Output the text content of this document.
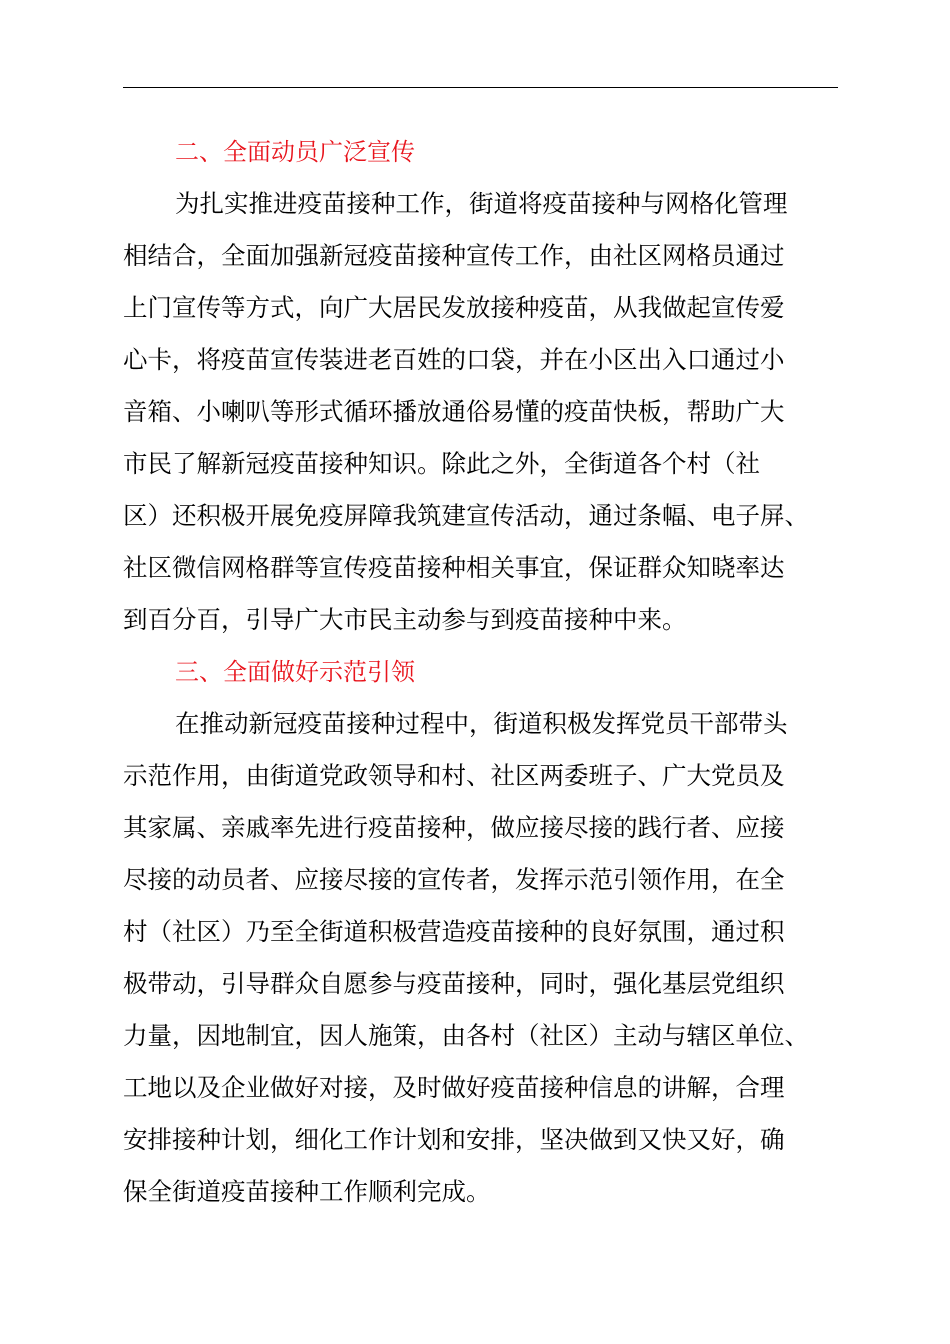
二、全面动员广泛宣传
为扎实推进疫苗接种工作，街道将疫苗接种与网格化管理
相结合，全面加强新冠疫苗接种宣传工作，由社区网格员通过
上门宣传等方式，向广大居民发放接种疫苗，从我做起宣传爱
心卡，将疫苗宣传装进老百姓的口袋，并在小区出入口通过小
音箱、小喇叭等形式循环播放通俗易懂的疫苗快板，帮助广大
市民了解新冠疫苗接种知识。除此之外，全街道各个村（社
区）还积极开展免疫屏障我筑建宣传活动，通过条幅、电子屏、
社区微信网格群等宣传疫苗接种相关事宜，保证群众知晓率达
到百分百，引导广大市民主动参与到疫苗接种中来。
三、全面做好示范引领
在推动新冠疫苗接种过程中，街道积极发挥党员干部带头
示范作用，由街道党政领导和村、社区两委班子、广大党员及
其家属、亲戚率先进行疫苗接种，做应接尽接的践行者、应接
尽接的动员者、应接尽接的宣传者，发挥示范引领作用，在全
村（社区）乃至全街道积极营造疫苗接种的良好氛围，通过积
极带动，引导群众自愿参与疫苗接种，同时，强化基层党组织
力量，因地制宜，因人施策，由各村（社区）主动与辖区单位、
工地以及企业做好对接，及时做好疫苗接种信息的讲解，合理
安排接种计划，细化工作计划和安排，坚决做到又快又好，确
保全街道疫苗接种工作顺利完成。
